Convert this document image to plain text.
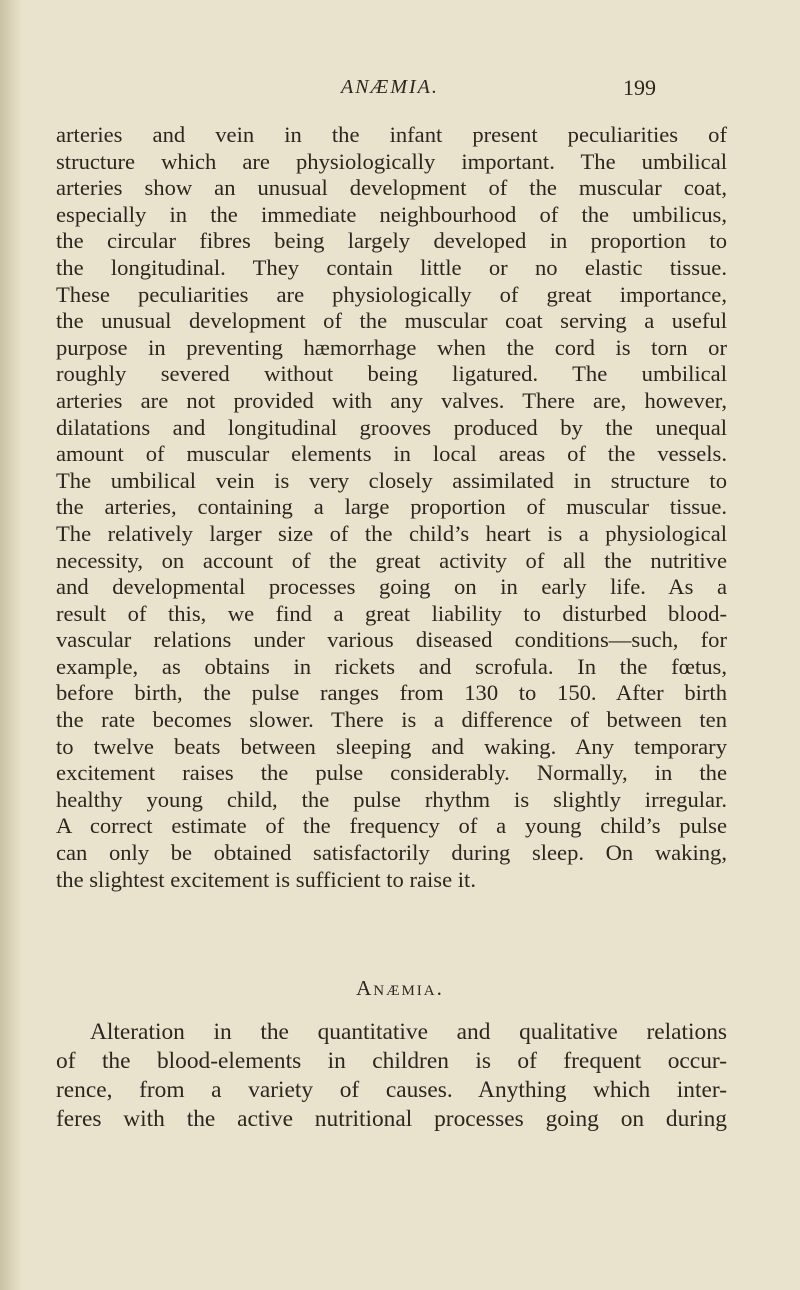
ANÆMIA.	199
arteries and vein in the infant present peculiarities of
structure which are physiologically important. The umbilical
arteries show an unusual development of the muscular coat,
especially in the immediate neighbourhood of the umbilicus,
the circular fibres being largely developed in proportion to
the longitudinal. They contain little or no elastic tissue.
These peculiarities are physiologically of great importance,
the unusual development of the muscular coat serving a useful
purpose in preventing hæmorrhage when the cord is torn or
roughly severed without being ligatured. The umbilical
arteries are not provided with any valves. There are, however,
dilatations and longitudinal grooves produced by the unequal
amount of muscular elements in local areas of the vessels.
The umbilical vein is very closely assimilated in structure to
the arteries, containing a large proportion of muscular tissue.
The relatively larger size of the child’s heart is a physiological
necessity, on account of the great activity of all the nutritive
and developmental processes going on in early life. As a
result of this, we find a great liability to disturbed blood-
vascular relations under various diseased conditions—such, for
example, as obtains in rickets and scrofula. In the fœtus,
before birth, the pulse ranges from 130 to 150. After birth
the rate becomes slower. There is a difference of between ten
to twelve beats between sleeping and waking. Any temporary
excitement raises the pulse considerably. Normally, in the
healthy young child, the pulse rhythm is slightly irregular.
A correct estimate of the frequency of a young child’s pulse
can only be obtained satisfactorily during sleep. On waking,
the slightest excitement is sufficient to raise it.
Anæmia.
Alteration in the quantitative and qualitative relations
of the blood-elements in children is of frequent occur-
rence, from a variety of causes. Anything which inter-
feres with the active nutritional processes going on during
